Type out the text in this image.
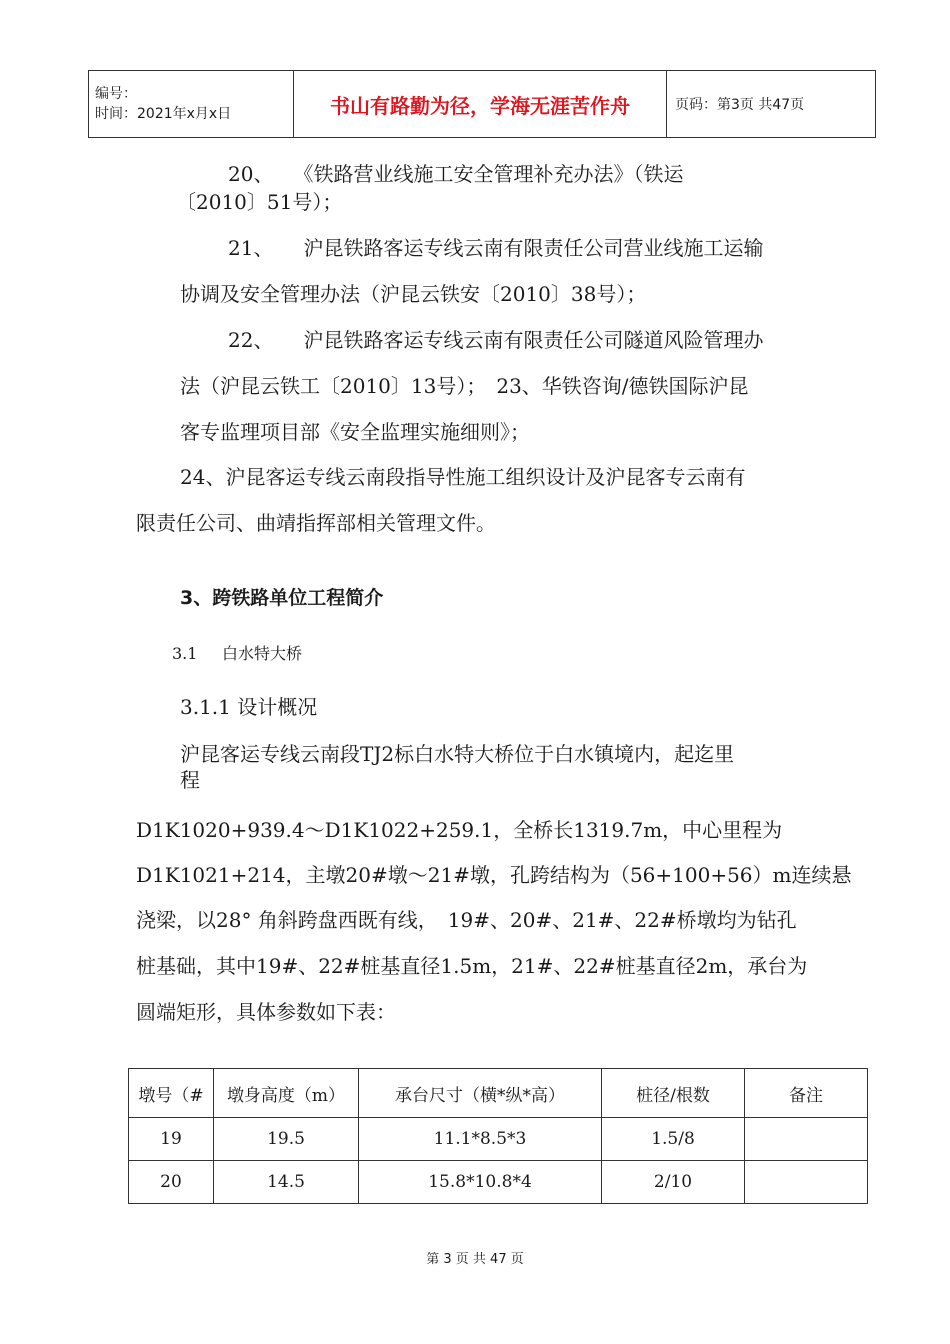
编号：
时间：2021年x月x日	书山有路勤为径，学海无涯苦作舟	页码：第3页 共47页

20、　　《铁路营业线施工安全管理补充办法》（铁运

〔2010〕51号）；

21、　　沪昆铁路客运专线云南有限责任公司营业线施工运输

协调及安全管理办法（沪昆云铁安〔2010〕38号）；

22、　　沪昆铁路客运专线云南有限责任公司隧道风险管理办

法（沪昆云铁工〔2010〕13号）；　23、华铁咨询/德铁国际沪昆

客专监理项目部《安全监理实施细则》；

24、沪昆客运专线云南段指导性施工组织设计及沪昆客专云南有

限责任公司、曲靖指挥部相关管理文件。

3、跨铁路单位工程简介

3.1 白水特大桥

3.1.1 设计概况

沪昆客运专线云南段TJ2标白水特大桥位于白水镇境内，起迄里

程

D1K1020+939.4～D1K1022+259.1，全桥长1319.7m，中心里程为

D1K1021+214，主墩20#墩～21#墩，孔跨结构为（56+100+56）m连续悬

浇梁，以28° 角斜跨盘西既有线，　19#、20#、21#、22#桥墩均为钻孔

桩基础，其中19#、22#桩基直径1.5m，21#、22#桩基直径2m，承台为

圆端矩形，具体参数如下表：

墩号（#	墩身高度（m）	承台尺寸（横*纵*高）	桩径/根数	备注
19	19.5	11.1*8.5*3	1.5/8	
20	14.5	15.8*10.8*4	2/10	
第 3 页 共 47 页
